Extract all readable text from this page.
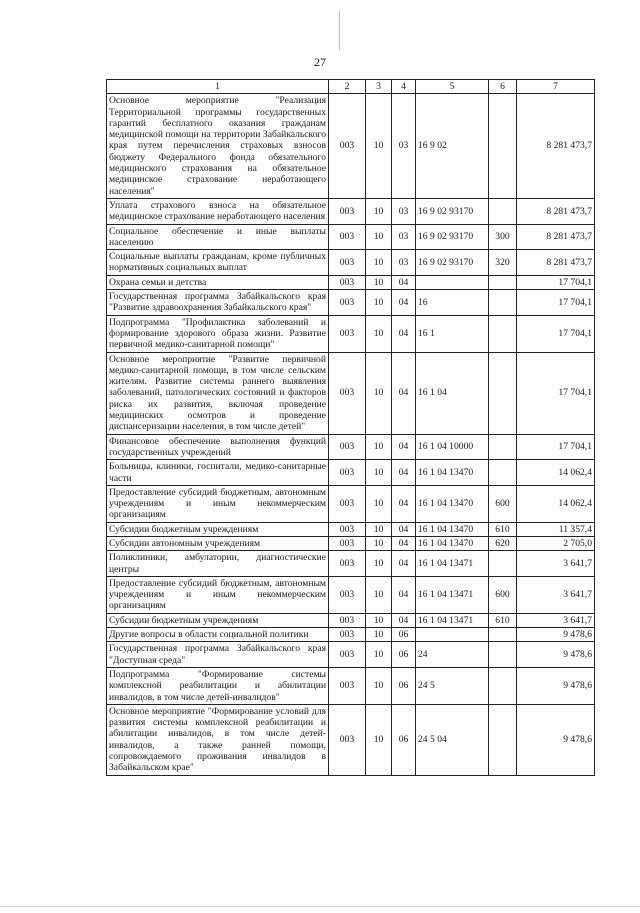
27
1	2	3	4	5	6	7
Основное мероприятие "Реализация Территориальной программы государственных гарантий бесплатного оказания гражданам медицинской помощи на территории Забайкальского края путем перечисления страховых взносов бюджету Федерального фонда обязательного медицинского страхования на обязательное медицинское страхование неработающего населения"	003	10	03	16 9 02		8 281 473,7
Уплата страхового взноса на обязательное медицинское страхование неработающего населения	003	10	03	16 9 02 93170		8 281 473,7
Социальное обеспечение и иные выплаты населению	003	10	03	16 9 02 93170	300	8 281 473,7
Социальные выплаты гражданам, кроме публичных нормативных социальных выплат	003	10	03	16 9 02 93170	320	8 281 473,7
Охрана семьи и детства	003	10	04			17 704,1
Государственная программа Забайкальского края "Развитие здравоохранения Забайкальского края"	003	10	04	16		17 704,1
Подпрограмма "Профилактика заболеваний и формирование здорового образа жизни. Развитие первичной медико-санитарной помощи"	003	10	04	16 1		17 704,1
Основное мероприятие "Развитие первичной медико-санитарной помощи, в том числе сельским жителям. Развитие системы раннего выявления заболеваний, патологических состояний и факторов риска их развития, включая проведение медицинских осмотров и проведение диспансеризации населения, в том числе детей"	003	10	04	16 1 04		17 704,1
Финансовое обеспечение выполнения функций государственных учреждений	003	10	04	16 1 04 10000		17 704,1
Больницы, клиники, госпитали, медико-санитарные части	003	10	04	16 1 04 13470		14 062,4
Предоставление субсидий бюджетным, автономным учреждениям и иным некоммерческим организациям	003	10	04	16 1 04 13470	600	14 062,4
Субсидии бюджетным учреждениям	003	10	04	16 1 04 13470	610	11 357,4
Субсидии автономным учреждениям	003	10	04	16 1 04 13470	620	2 705,0
Поликлиники, амбулатории, диагностические центры	003	10	04	16 1 04 13471		3 641,7
Предоставление субсидий бюджетным, автономным учреждениям и иным некоммерческим организациям	003	10	04	16 1 04 13471	600	3 641,7
Субсидии бюджетным учреждениям	003	10	04	16 1 04 13471	610	3 641,7
Другие вопросы в области социальной политики	003	10	06			9 478,6
Государственная программа Забайкальского края "Доступная среда"	003	10	06	24		9 478,6
Подпрограмма "Формирование системы комплексной реабилитации и абилитации инвалидов, в том числе детей-инвалидов"	003	10	06	24 5		9 478,6
Основное мероприятие "Формирование условий для развития системы комплексной реабилитации и абилитации инвалидов, в том числе детей-инвалидов, а также ранней помощи, сопровождаемого проживания инвалидов в Забайкальском крае"	003	10	06	24 5 04		9 478,6
